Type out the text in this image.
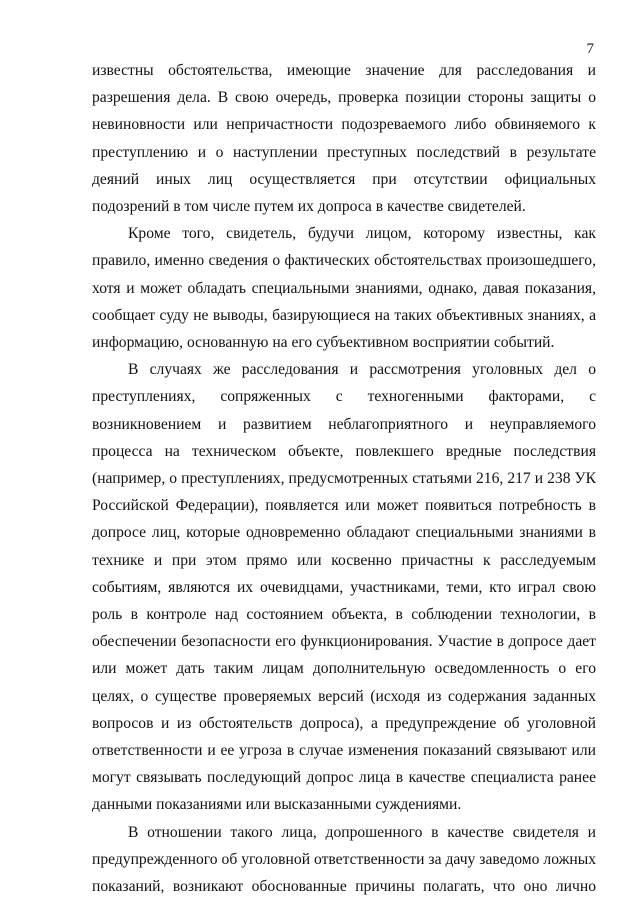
7

известны обстоятельства, имеющие значение для расследования и разрешения дела. В свою очередь, проверка позиции стороны защиты о невиновности или непричастности подозреваемого либо обвиняемого к преступлению и о наступлении преступных последствий в результате деяний иных лиц осуществляется при отсутствии официальных подозрений в том числе путем их допроса в качестве свидетелей.

Кроме того, свидетель, будучи лицом, которому известны, как правило, именно сведения о фактических обстоятельствах произошедшего, хотя и может обладать специальными знаниями, однако, давая показания, сообщает суду не выводы, базирующиеся на таких объективных знаниях, а информацию, основанную на его субъективном восприятии событий.

В случаях же расследования и рассмотрения уголовных дел о преступлениях, сопряженных с техногенными факторами, с возникновением и развитием неблагоприятного и неуправляемого процесса на техническом объекте, повлекшего вредные последствия (например, о преступлениях, предусмотренных статьями 216, 217 и 238 УК Российской Федерации), появляется или может появиться потребность в допросе лиц, которые одновременно обладают специальными знаниями в технике и при этом прямо или косвенно причастны к расследуемым событиям, являются их очевидцами, участниками, теми, кто играл свою роль в контроле над состоянием объекта, в соблюдении технологии, в обеспечении безопасности его функционирования. Участие в допросе дает или может дать таким лицам дополнительную осведомленность о его целях, о существе проверяемых версий (исходя из содержания заданных вопросов и из обстоятельств допроса), а предупреждение об уголовной ответственности и ее угроза в случае изменения показаний связывают или могут связывать последующий допрос лица в качестве специалиста ранее данными показаниями или высказанными суждениями.

В отношении такого лица, допрошенного в качестве свидетеля и предупрежденного об уголовной ответственности за дачу заведомо ложных показаний, возникают обоснованные причины полагать, что оно лично
